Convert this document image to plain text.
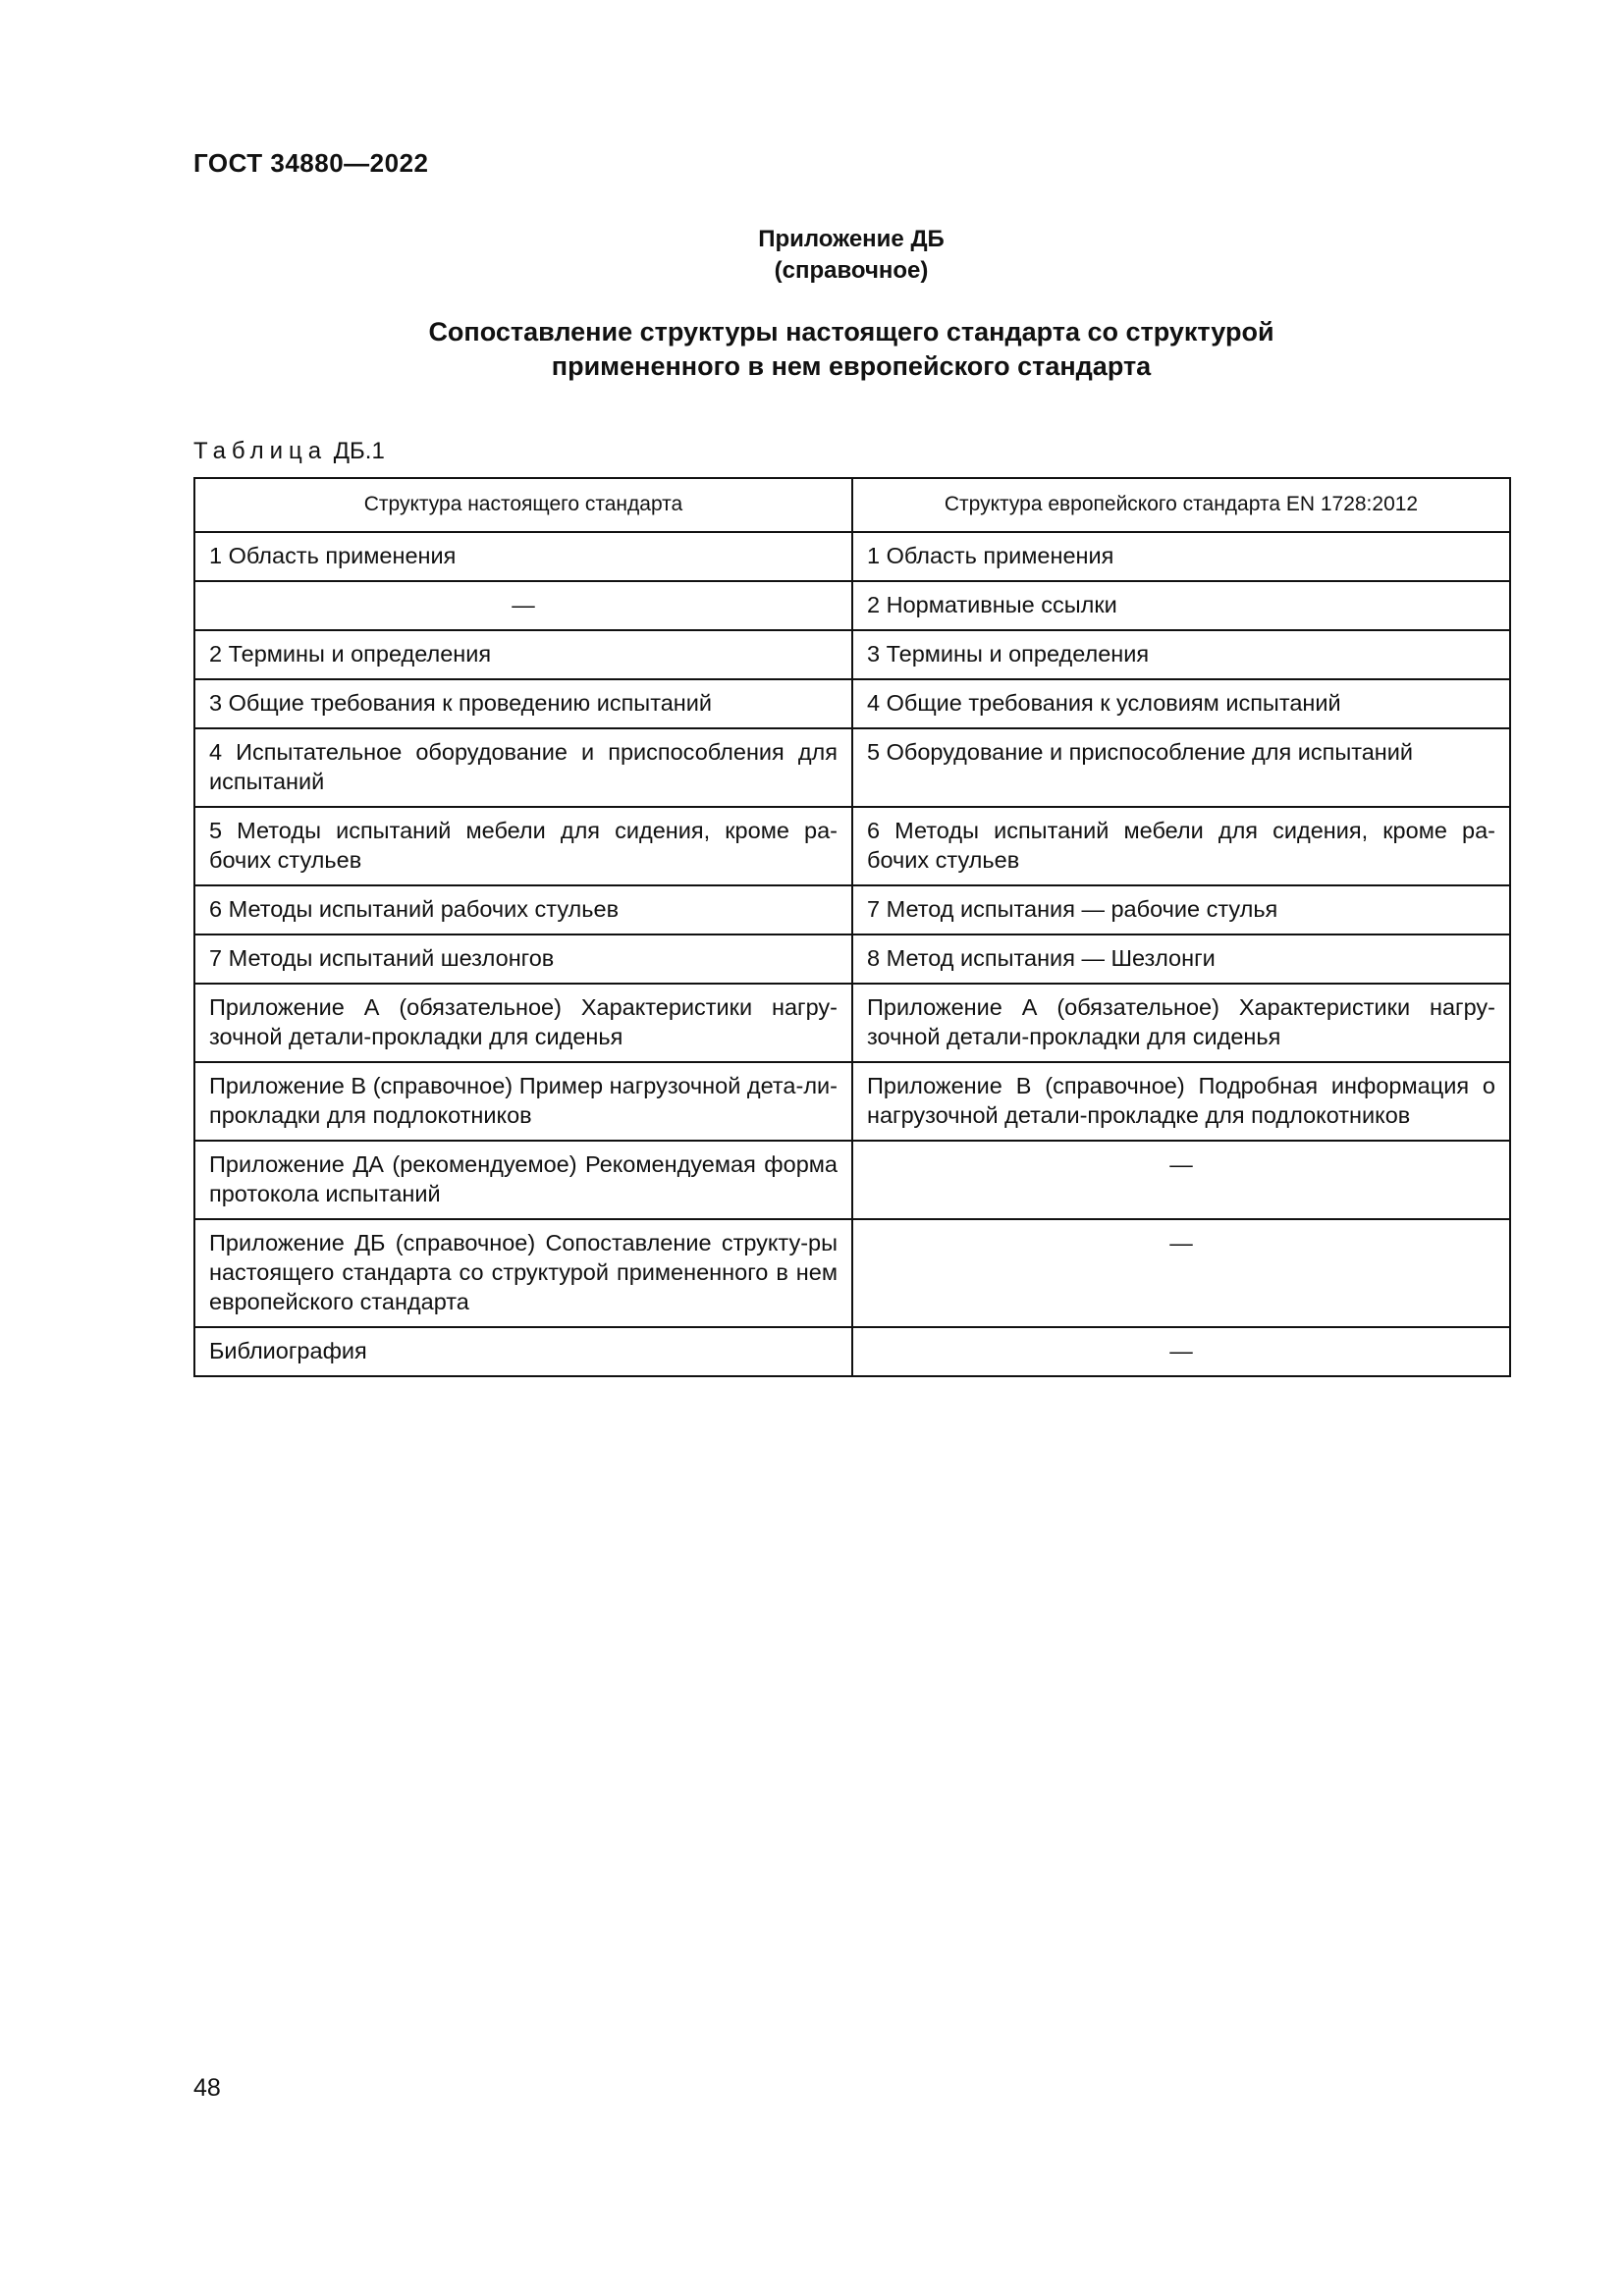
ГОСТ 34880—2022
Приложение ДБ
(справочное)
Сопоставление структуры настоящего стандарта со структурой
примененного в нем европейского стандарта
Таблица ДБ.1
Структура настоящего стандарта	Структура европейского стандарта EN 1728:2012
1 Область применения	1 Область применения
—	2 Нормативные ссылки
2 Термины и определения	3 Термины и определения
3 Общие требования к проведению испытаний	4 Общие требования к условиям испытаний
4 Испытательное оборудование и приспособления для испытаний	5 Оборудование и приспособление для испытаний
5 Методы испытаний мебели для сидения, кроме ра-бочих стульев	6 Методы испытаний мебели для сидения, кроме ра-бочих стульев
6 Методы испытаний рабочих стульев	7 Метод испытания — рабочие стулья
7 Методы испытаний шезлонгов	8 Метод испытания — Шезлонги
Приложение А (обязательное) Характеристики нагру-зочной детали-прокладки для сиденья	Приложение А (обязательное) Характеристики нагру-зочной детали-прокладки для сиденья
Приложение В (справочное) Пример нагрузочной дета-ли-прокладки для подлокотников	Приложение В (справочное) Подробная информация о нагрузочной детали-прокладке для подлокотников
Приложение ДА (рекомендуемое) Рекомендуемая форма протокола испытаний	—
Приложение ДБ (справочное) Сопоставление структу-ры настоящего стандарта со структурой примененного в нем европейского стандарта	—
Библиография	—
48
